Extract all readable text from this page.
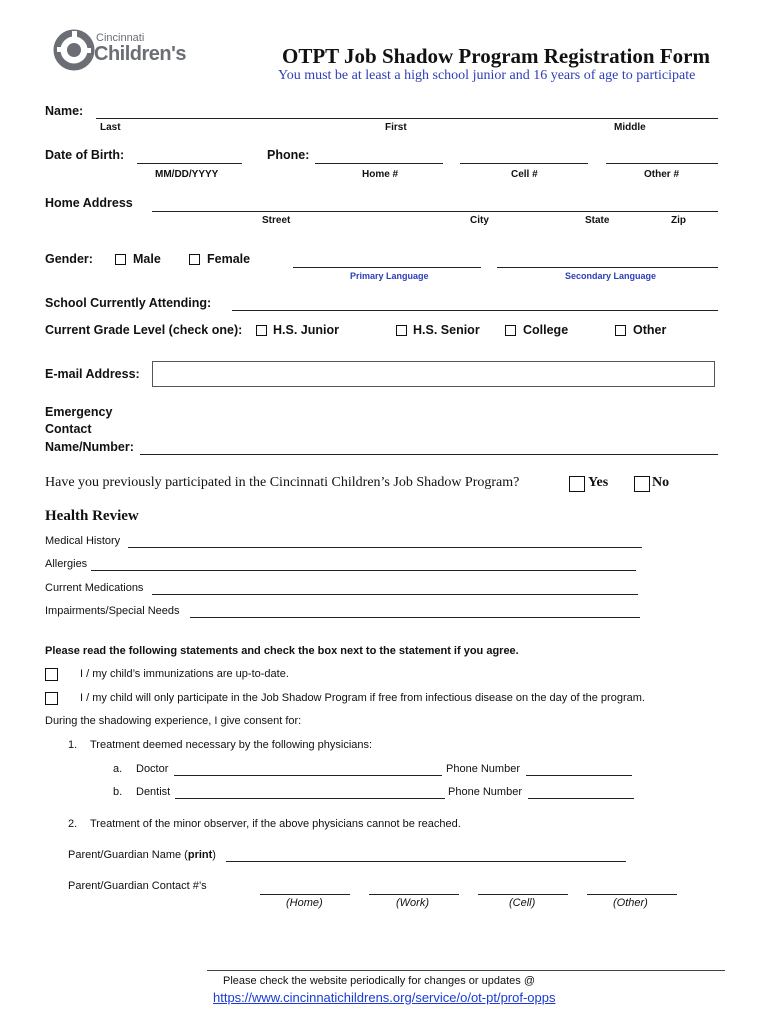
Cincinnati
Children's	OTPT Job Shadow Program Registration Form
You must be at least a high school junior and 16 years of age to participate
Name:
Last	First	Middle
Date of Birth:
MM/DD/YYYY
Phone:
Home #	Cell #	Other #
Home Address
Street	City	State	Zip
Gender:	Male	Female
Primary Language	Secondary Language
School Currently Attending:
Current Grade Level (check one): H.S. Junior	H.S. Senior	College	Other
E-mail Address:
Emergency
Contact
Name/Number:
Have you previously participated in the Cincinnati Children’s Job Shadow Program?	Yes	No
Health Review
Medical History
Allergies
Current Medications
Impairments/Special Needs
Please read the following statements and check the box next to the statement if you agree.
I / my child’s immunizations are up-to-date.
I / my child will only participate in the Job Shadow Program if free from infectious disease on the day of the program.
During the shadowing experience, I give consent for:
1. Treatment deemed necessary by the following physicians:
a. Doctor	Phone Number
b. Dentist	Phone Number
2. Treatment of the minor observer, if the above physicians cannot be reached.
Parent/Guardian Name (print)
Parent/Guardian Contact #’s
(Home)	(Work)	(Cell)	(Other)
Please check the website periodically for changes or updates @
https://www.cincinnatichildrens.org/service/o/ot-pt/prof-opps
